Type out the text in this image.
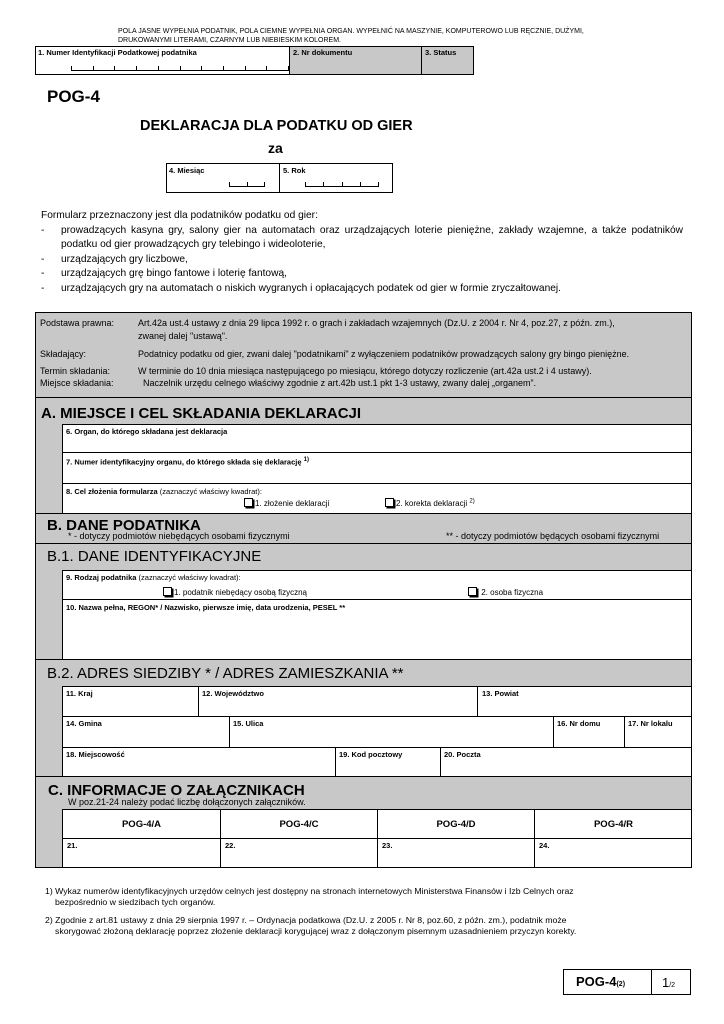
POLA JASNE WYPEŁNIA PODATNIK, POLA CIEMNE WYPEŁNIA ORGAN. WYPEŁNIĆ NA MASZYNIE, KOMPUTEROWO LUB RĘCZNIE, DUŻYMI,
DRUKOWANYMI LITERAMI, CZARNYM LUB NIEBIESKIM KOLOREM.
1. Numer Identyfikacji Podatkowej podatnika	2. Nr dokumentu	3. Status
POG-4
DEKLARACJA DLA PODATKU OD GIER
za
4. Miesiąc	5. Rok
Formularz przeznaczony jest dla podatników podatku od gier:
-	prowadzących kasyna gry, salony gier na automatach oraz urządzających loterie pieniężne, zakłady wzajemne, a także podatników podatku od gier prowadzących gry telebingo i wideoloterie,
-	urządzających gry liczbowe,
-	urządzających grę bingo fantowe i loterię fantową,
-	urządzających gry na automatach o niskich wygranych i opłacających podatek od gier w formie zryczałtowanej.
Podstawa prawna:	Art.42a ust.4 ustawy z dnia 29 lipca 1992 r. o grach i zakładach wzajemnych (Dz.U. z 2004 r. Nr 4, poz.27, z późn. zm.),
zwanej dalej "ustawą".
Składający:	Podatnicy podatku od gier, zwani dalej "podatnikami" z wyłączeniem podatników prowadzących salony gry bingo pieniężne.
Termin składania:	W terminie do 10 dnia miesiąca następującego po miesiącu, którego dotyczy rozliczenie (art.42a ust.2 i 4 ustawy).
Miejsce składania:	Naczelnik urzędu celnego właściwy zgodnie z art.42b ust.1 pkt 1-3 ustawy, zwany dalej „organem”.
A. MIEJSCE I CEL SKŁADANIA DEKLARACJI
6. Organ, do którego składana jest deklaracja
7. Numer identyfikacyjny organu, do którego składa się deklarację $^{1)}$
8. Cel złożenia formularza (zaznaczyć właściwy kwadrat):
1. złożenie deklaracji	2. korekta deklaracji $^{2)}$
B. DANE PODATNIKA
* - dotyczy podmiotów niebędących osobami fizycznymi	** - dotyczy podmiotów będących osobami fizycznymi
B.1. DANE IDENTYFIKACYJNE
9. Rodzaj podatnika (zaznaczyć właściwy kwadrat):
1. podatnik niebędący osobą fizyczną	2. osoba fizyczna
10. Nazwa pełna, REGON* / Nazwisko, pierwsze imię, data urodzenia, PESEL **
B.2. ADRES SIEDZIBY * / ADRES ZAMIESZKANIA **
11. Kraj	12. Województwo	13. Powiat
14. Gmina	15. Ulica	16. Nr domu	17. Nr lokalu
18. Miejscowość	19. Kod pocztowy	20. Poczta
C. INFORMACJE O ZAŁĄCZNIKACH
W poz.21-24 należy podać liczbę dołączonych załączników.
POG-4/A	POG-4/C	POG-4/D	POG-4/R
21.	22.	23.	24.
1) Wykaz numerów identyfikacyjnych urzędów celnych jest dostępny na stronach internetowych Ministerstwa Finansów i Izb Celnych oraz
bezpośrednio w siedzibach tych organów.
2) Zgodnie z art.81 ustawy z dnia 29 sierpnia 1997 r. – Ordynacja podatkowa (Dz.U. z 2005 r. Nr 8, poz.60, z późn. zm.), podatnik może
skorygować złożoną deklarację poprzez złożenie deklaracji korygującej wraz z dołączonym pisemnym uzasadnieniem przyczyn korekty.
POG-4(2)	1/2
